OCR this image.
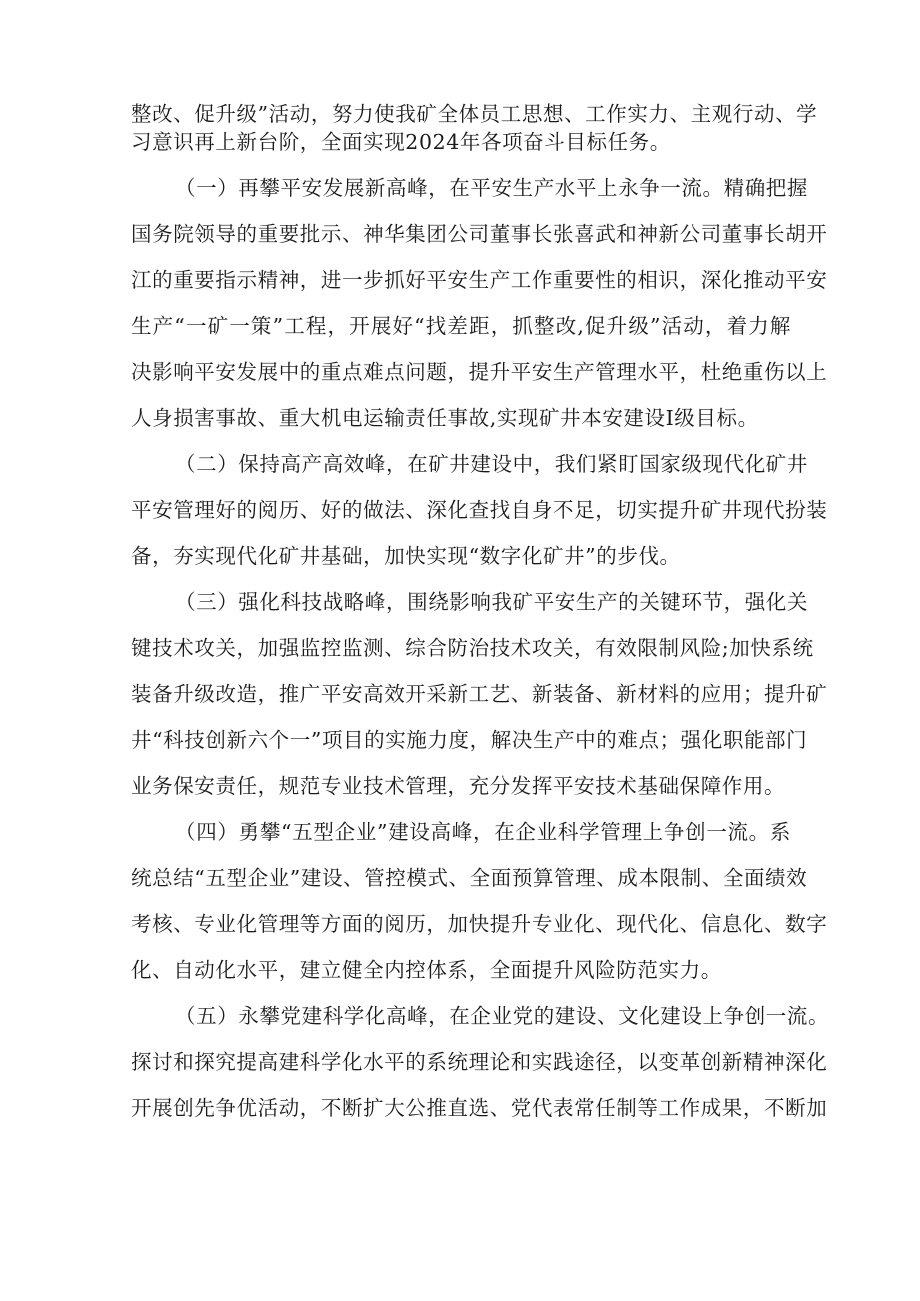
整改、促升级”活动，努力使我矿全体员工思想、工作实力、主观行动、学
习意识再上新台阶，全面实现2024年各项奋斗目标任务。
（一）再攀平安发展新高峰，在平安生产水平上永争一流。精确把握
国务院领导的重要批示、神华集团公司董事长张喜武和神新公司董事长胡开
江的重要指示精神，进一步抓好平安生产工作重要性的相识，深化推动平安
生产“一矿一策”工程，开展好“找差距，抓整改,促升级”活动，着力解
决影响平安发展中的重点难点问题，提升平安生产管理水平，杜绝重伤以上
人身损害事故、重大机电运输责任事故,实现矿井本安建设Ⅰ级目标。
（二）保持高产高效峰，在矿井建设中，我们紧盯国家级现代化矿井
平安管理好的阅历、好的做法、深化查找自身不足，切实提升矿井现代扮装
备，夯实现代化矿井基础，加快实现“数字化矿井”的步伐。
（三）强化科技战略峰，围绕影响我矿平安生产的关键环节，强化关
键技术攻关，加强监控监测、综合防治技术攻关，有效限制风险;加快系统
装备升级改造，推广平安高效开采新工艺、新装备、新材料的应用；提升矿
井“科技创新六个一”项目的实施力度，解决生产中的难点；强化职能部门
业务保安责任，规范专业技术管理，充分发挥平安技术基础保障作用。
（四）勇攀“五型企业”建设高峰，在企业科学管理上争创一流。系
统总结“五型企业”建设、管控模式、全面预算管理、成本限制、全面绩效
考核、专业化管理等方面的阅历，加快提升专业化、现代化、信息化、数字
化、自动化水平，建立健全内控体系，全面提升风险防范实力。
（五）永攀党建科学化高峰，在企业党的建设、文化建设上争创一流。
探讨和探究提高建科学化水平的系统理论和实践途径，以变革创新精神深化
开展创先争优活动，不断扩大公推直选、党代表常任制等工作成果，不断加
